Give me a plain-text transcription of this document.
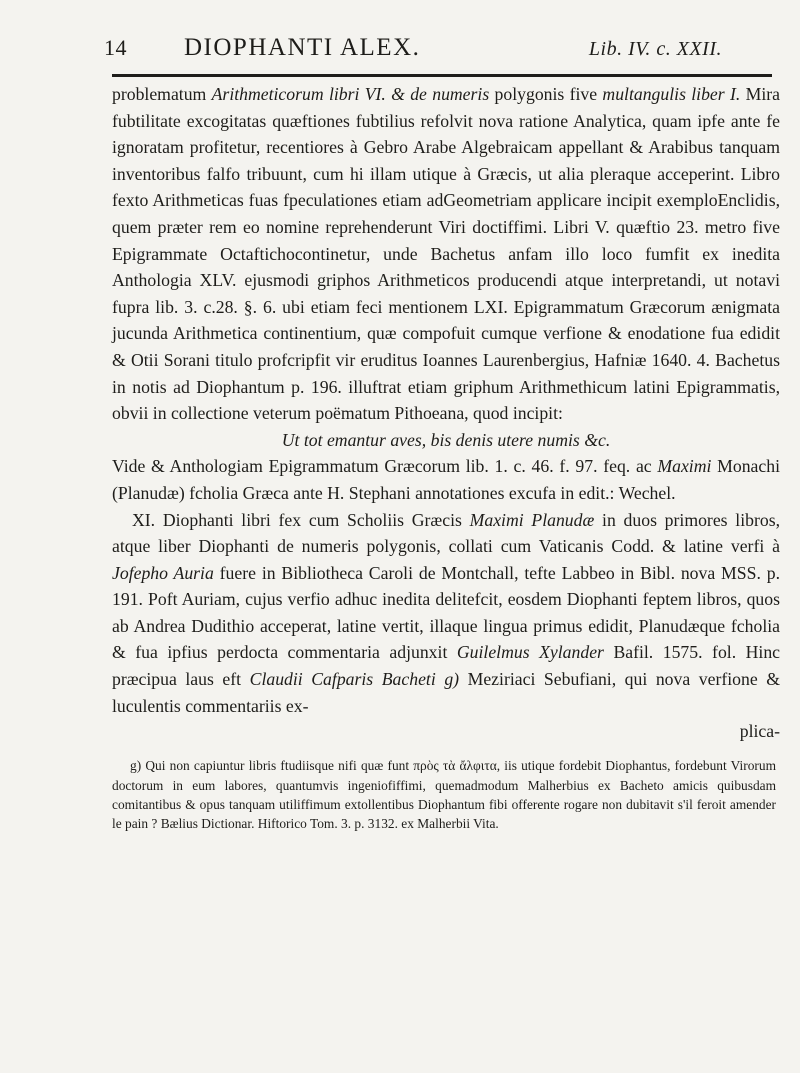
14	DIOPHANTI ALEX.	Lib. IV. c. XXII.

problematum Arithmeticorum libri VI. & de numeris polygonis five multangulis liber I. Mira fubtilitate excogitatas quæftiones fubtilius refolvit nova ratione Analytica, quam ipfe ante fe ignoratam profitetur, recentiores à Gebro Arabe Algebraicam appellant & Arabibus tanquam inventoribus falfo tribuunt, cum hi illam utique à Græcis, ut alia pleraque acceperint. Libro fexto Arithmeticas fuas fpeculationes etiam adGeometriam applicare incipit exemploEnclidis, quem præter rem eo nomine reprehenderunt Viri doctiffimi. Libri V. quæftio 23. metro five Epigrammate Octaftichocontinetur, unde Bachetus anfam illo loco fumfit ex inedita Anthologia XLV. ejusmodi griphos Arithmeticos producendi atque interpretandi, ut notavi fupra lib. 3. c.28. §. 6. ubi etiam feci mentionem LXI. Epigrammatum Græcorum ænigmata jucunda Arithmetica continentium, quæ compofuit cumque verfione & enodatione fua edidit & Otii Sorani titulo profcripfit vir eruditus Ioannes Laurenbergius, Hafniæ 1640. 4. Bachetus in notis ad Diophantum p. 196. illuftrat etiam griphum Arithmethicum latini Epigrammatis, obvii in collectione veterum poëmatum Pithoeana, quod incipit:

Ut tot emantur aves, bis denis utere numis &c.

Vide & Anthologiam Epigrammatum Græcorum lib. 1. c. 46. f. 97. feq. ac Maximi Monachi (Planudæ) fcholia Græca ante H. Stephani annotationes excufa in edit.: Wechel.

XI. Diophanti libri fex cum Scholiis Græcis Maximi Planudæ in duos primores libros, atque liber Diophanti de numeris polygonis, collati cum Vaticanis Codd. & latine verfi à Jofepho Auria fuere in Bibliotheca Caroli de Montchall, tefte Labbeo in Bibl. nova MSS. p. 191. Poft Auriam, cujus verfio adhuc inedita delitefcit, eosdem Diophanti feptem libros, quos ab Andrea Dudithio acceperat, latine vertit, illaque lingua primus edidit, Planudæque fcholia & fua ipfius perdocta commentaria adjunxit Guilelmus Xylander Bafil. 1575. fol. Hinc præcipua laus eft Claudii Cafparis Bacheti g) Meziriaci Sebufiani, qui nova verfione & luculentis commentariis ex-

plica-
g) Qui non capiuntur libris ftudiisque nifi quæ funt πρὸς τὰ ἄλφιτα, iis utique fordebit Diophantus, fordebunt Virorum doctorum in eum labores, quantumvis ingeniofiffimi, quemadmodum Malherbius ex Bacheto amicis quibusdam comitantibus & opus tanquam utiliffimum extollentibus Diophantum fibi offerente rogare non dubitavit s'il feroit amender le pain ? Bælius Dictionar. Hiftorico Tom. 3. p. 3132. ex Malherbii Vita.
